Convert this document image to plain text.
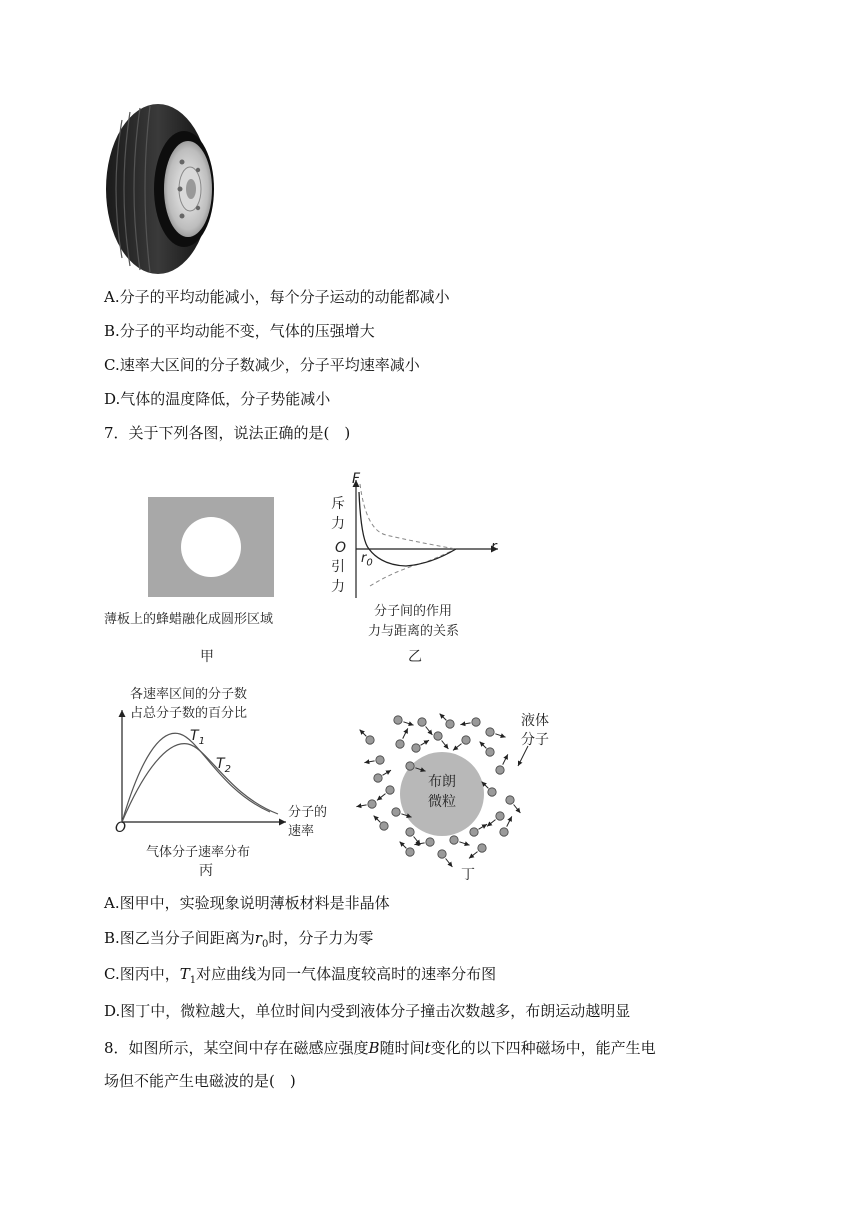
A.分子的平均动能减小，每个分子运动的动能都减小
B.分子的平均动能不变，气体的压强增大
C.速率大区间的分子数减少，分子平均速率减小
D.气体的温度降低，分子势能减小
7．关于下列各图，说法正确的是(　)
薄板上的蜂蜡融化成圆形区域
甲
F
r
O
$r_0$
斥力
引力
分子间的作用
力与距离的关系
乙
各速率区间的分子数
占总分子数的百分比
$T_1$
$T_2$
O
分子的
速率
气体分子速率分布
丙
液体
分子
布朗
微粒
丁
A.图甲中，实验现象说明薄板材料是非晶体
B.图乙当分子间距离为$r_0$时，分子力为零
C.图丙中，$T_1$对应曲线为同一气体温度较高时的速率分布图
D.图丁中，微粒越大，单位时间内受到液体分子撞击次数越多，布朗运动越明显
8．如图所示，某空间中存在磁感应强度B随时间t变化的以下四种磁场中，能产生电
场但不能产生电磁波的是(　)
